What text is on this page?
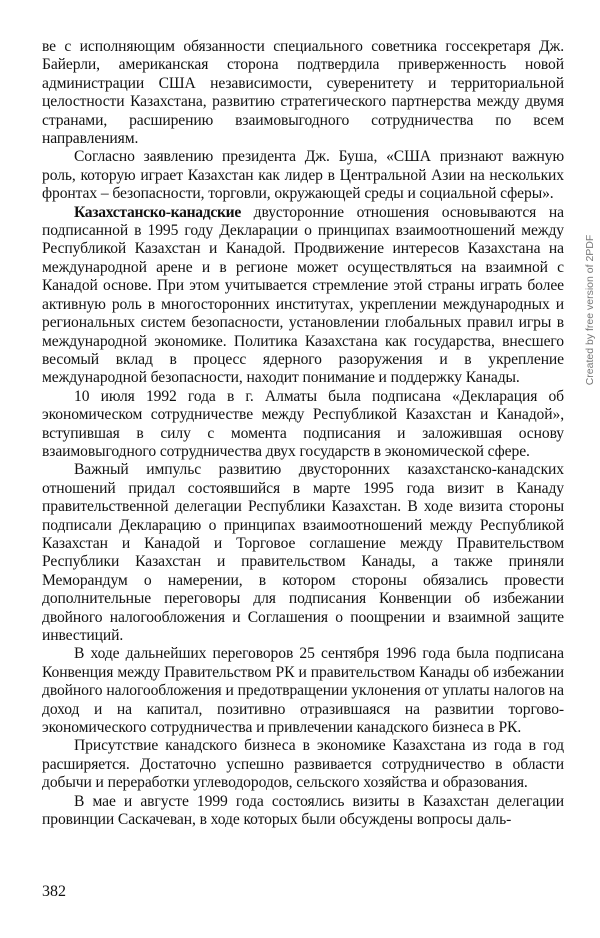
ве с исполняющим обязанности специального советника госсекретаря Дж. Байерли, американская сторона подтвердила приверженность новой администрации США независимости, суверенитету и территориальной целостности Казахстана, развитию стратегического партнерства между двумя странами, расширению взаимовыгодного сотрудничества по всем направлениям.

Согласно заявлению президента Дж. Буша, «США признают важную роль, которую играет Казахстан как лидер в Центральной Азии на нескольких фронтах – безопасности, торговли, окружающей среды и социальной сферы».

Казахстанско-канадские двусторонние отношения основываются на подписанной в 1995 году Декларации о принципах взаимоотношений между Республикой Казахстан и Канадой. Продвижение интересов Казахстана на международной арене и в регионе может осуществляться на взаимной с Канадой основе. При этом учитывается стремление этой страны играть более активную роль в многосторонних институтах, укреплении международных и региональных систем безопасности, установлении глобальных правил игры в международной экономике. Политика Казахстана как государства, внесшего весомый вклад в процесс ядерного разоружения и в укрепление международной безопасности, находит понимание и поддержку Канады.

10 июля 1992 года в г. Алматы была подписана «Декларация об экономическом сотрудничестве между Республикой Казахстан и Канадой», вступившая в силу с момента подписания и заложившая основу взаимовыгодного сотрудничества двух государств в экономической сфере.

Важный импульс развитию двусторонних казахстанско-канадских отношений придал состоявшийся в марте 1995 года визит в Канаду правительственной делегации Республики Казахстан. В ходе визита стороны подписали Декларацию о принципах взаимоотношений между Республикой Казахстан и Канадой и Торговое соглашение между Правительством Республики Казахстан и правительством Канады, а также приняли Меморандум о намерении, в котором стороны обязались провести дополнительные переговоры для подписания Конвенции об избежании двойного налогообложения и Соглашения о поощрении и взаимной защите инвестиций.

В ходе дальнейших переговоров 25 сентября 1996 года была подписана Конвенция между Правительством РК и правительством Канады об избежании двойного налогообложения и предотвращении уклонения от уплаты налогов на доход и на капитал, позитивно отразившаяся на развитии торгово-экономического сотрудничества и привлечении канадского бизнеса в РК.

Присутствие канадского бизнеса в экономике Казахстана из года в год расширяется. Достаточно успешно развивается сотрудничество в области добычи и переработки углеводородов, сельского хозяйства и образования.

В мае и августе 1999 года состоялись визиты в Казахстан делегации провинции Саскачеван, в ходе которых были обсуждены вопросы даль-

382
Created by free version of 2PDF
